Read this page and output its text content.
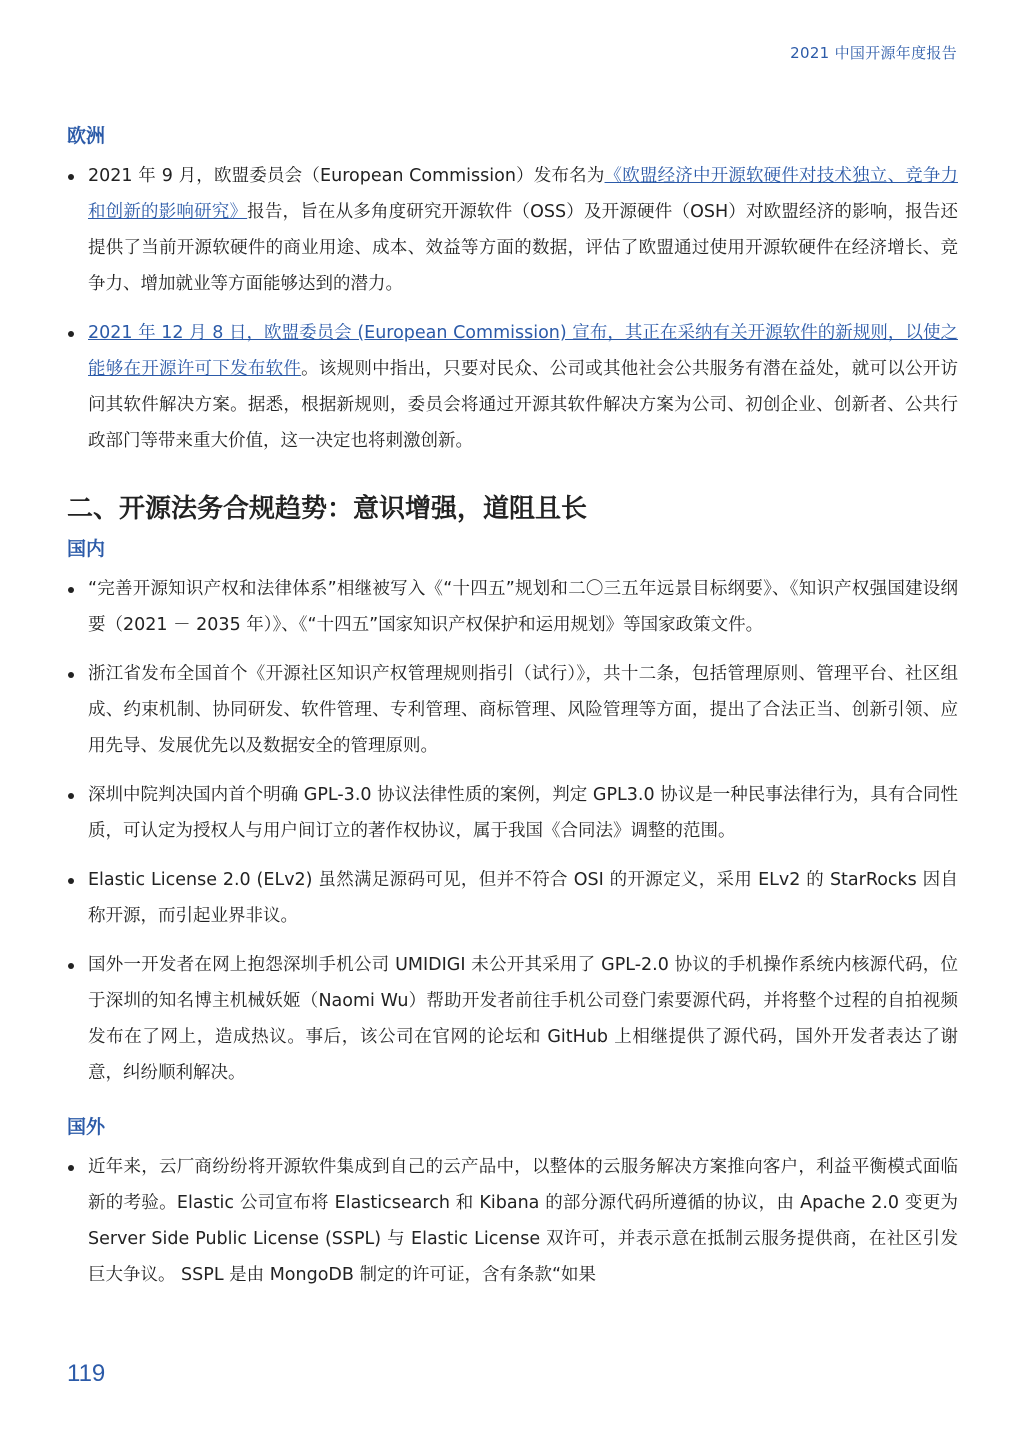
2021 中国开源年度报告
欧洲
2021 年 9 月，欧盟委员会（European Commission）发布名为《欧盟经济中开源软硬件对技术独立、竞争力和创新的影响研究》报告，旨在从多角度研究开源软件（OSS）及开源硬件（OSH）对欧盟经济的影响，报告还提供了当前开源软硬件的商业用途、成本、效益等方面的数据，评估了欧盟通过使用开源软硬件在经济增长、竞争力、增加就业等方面能够达到的潜力。
2021 年 12 月 8 日，欧盟委员会 (European Commission) 宣布，其正在采纳有关开源软件的新规则，以使之能够在开源许可下发布软件。该规则中指出，只要对民众、公司或其他社会公共服务有潜在益处，就可以公开访问其软件解决方案。据悉，根据新规则，委员会将通过开源其软件解决方案为公司、初创企业、创新者、公共行政部门等带来重大价值，这一决定也将刺激创新。
二、开源法务合规趋势：意识增强，道阻且长
国内
“完善开源知识产权和法律体系”相继被写入《“十四五”规划和二〇三五年远景目标纲要》、《知识产权强国建设纲要（2021 － 2035 年）》、《“十四五”国家知识产权保护和运用规划》等国家政策文件。
浙江省发布全国首个《开源社区知识产权管理规则指引（试行）》，共十二条，包括管理原则、管理平台、社区组成、约束机制、协同研发、软件管理、专利管理、商标管理、风险管理等方面，提出了合法正当、创新引领、应用先导、发展优先以及数据安全的管理原则。
深圳中院判决国内首个明确 GPL-3.0 协议法律性质的案例，判定 GPL3.0 协议是一种民事法律行为，具有合同性质，可认定为授权人与用户间订立的著作权协议，属于我国《合同法》调整的范围。
Elastic License 2.0 (ELv2) 虽然满足源码可见，但并不符合 OSI 的开源定义，采用 ELv2 的 StarRocks 因自称开源，而引起业界非议。
国外一开发者在网上抱怨深圳手机公司 UMIDIGI 未公开其采用了 GPL-2.0 协议的手机操作系统内核源代码，位于深圳的知名博主机械妖姬（Naomi Wu）帮助开发者前往手机公司登门索要源代码，并将整个过程的自拍视频发布在了网上，造成热议。事后，该公司在官网的论坛和 GitHub 上相继提供了源代码，国外开发者表达了谢意，纠纷顺利解决。
国外
近年来，云厂商纷纷将开源软件集成到自己的云产品中，以整体的云服务解决方案推向客户，利益平衡模式面临新的考验。Elastic 公司宣布将 Elasticsearch 和 Kibana 的部分源代码所遵循的协议，由 Apache 2.0 变更为 Server Side Public License (SSPL) 与 Elastic License 双许可，并表示意在抵制云服务提供商，在社区引发巨大争议。 SSPL 是由 MongoDB 制定的许可证，含有条款“如果
119
